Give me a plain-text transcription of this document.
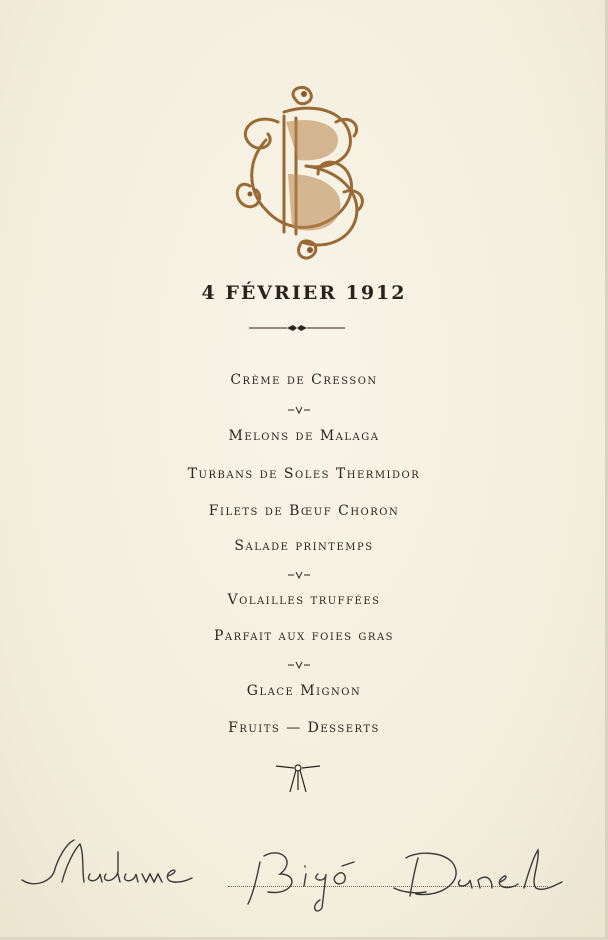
4 FÉVRIER 1912
Crème de Cresson
Melons de Malaga
Turbans de Soles Thermidor
Filets de Bœuf Choron
Salade printemps
Volailles truffées
Parfait aux foies gras
Glace Mignon
Fruits — Desserts
